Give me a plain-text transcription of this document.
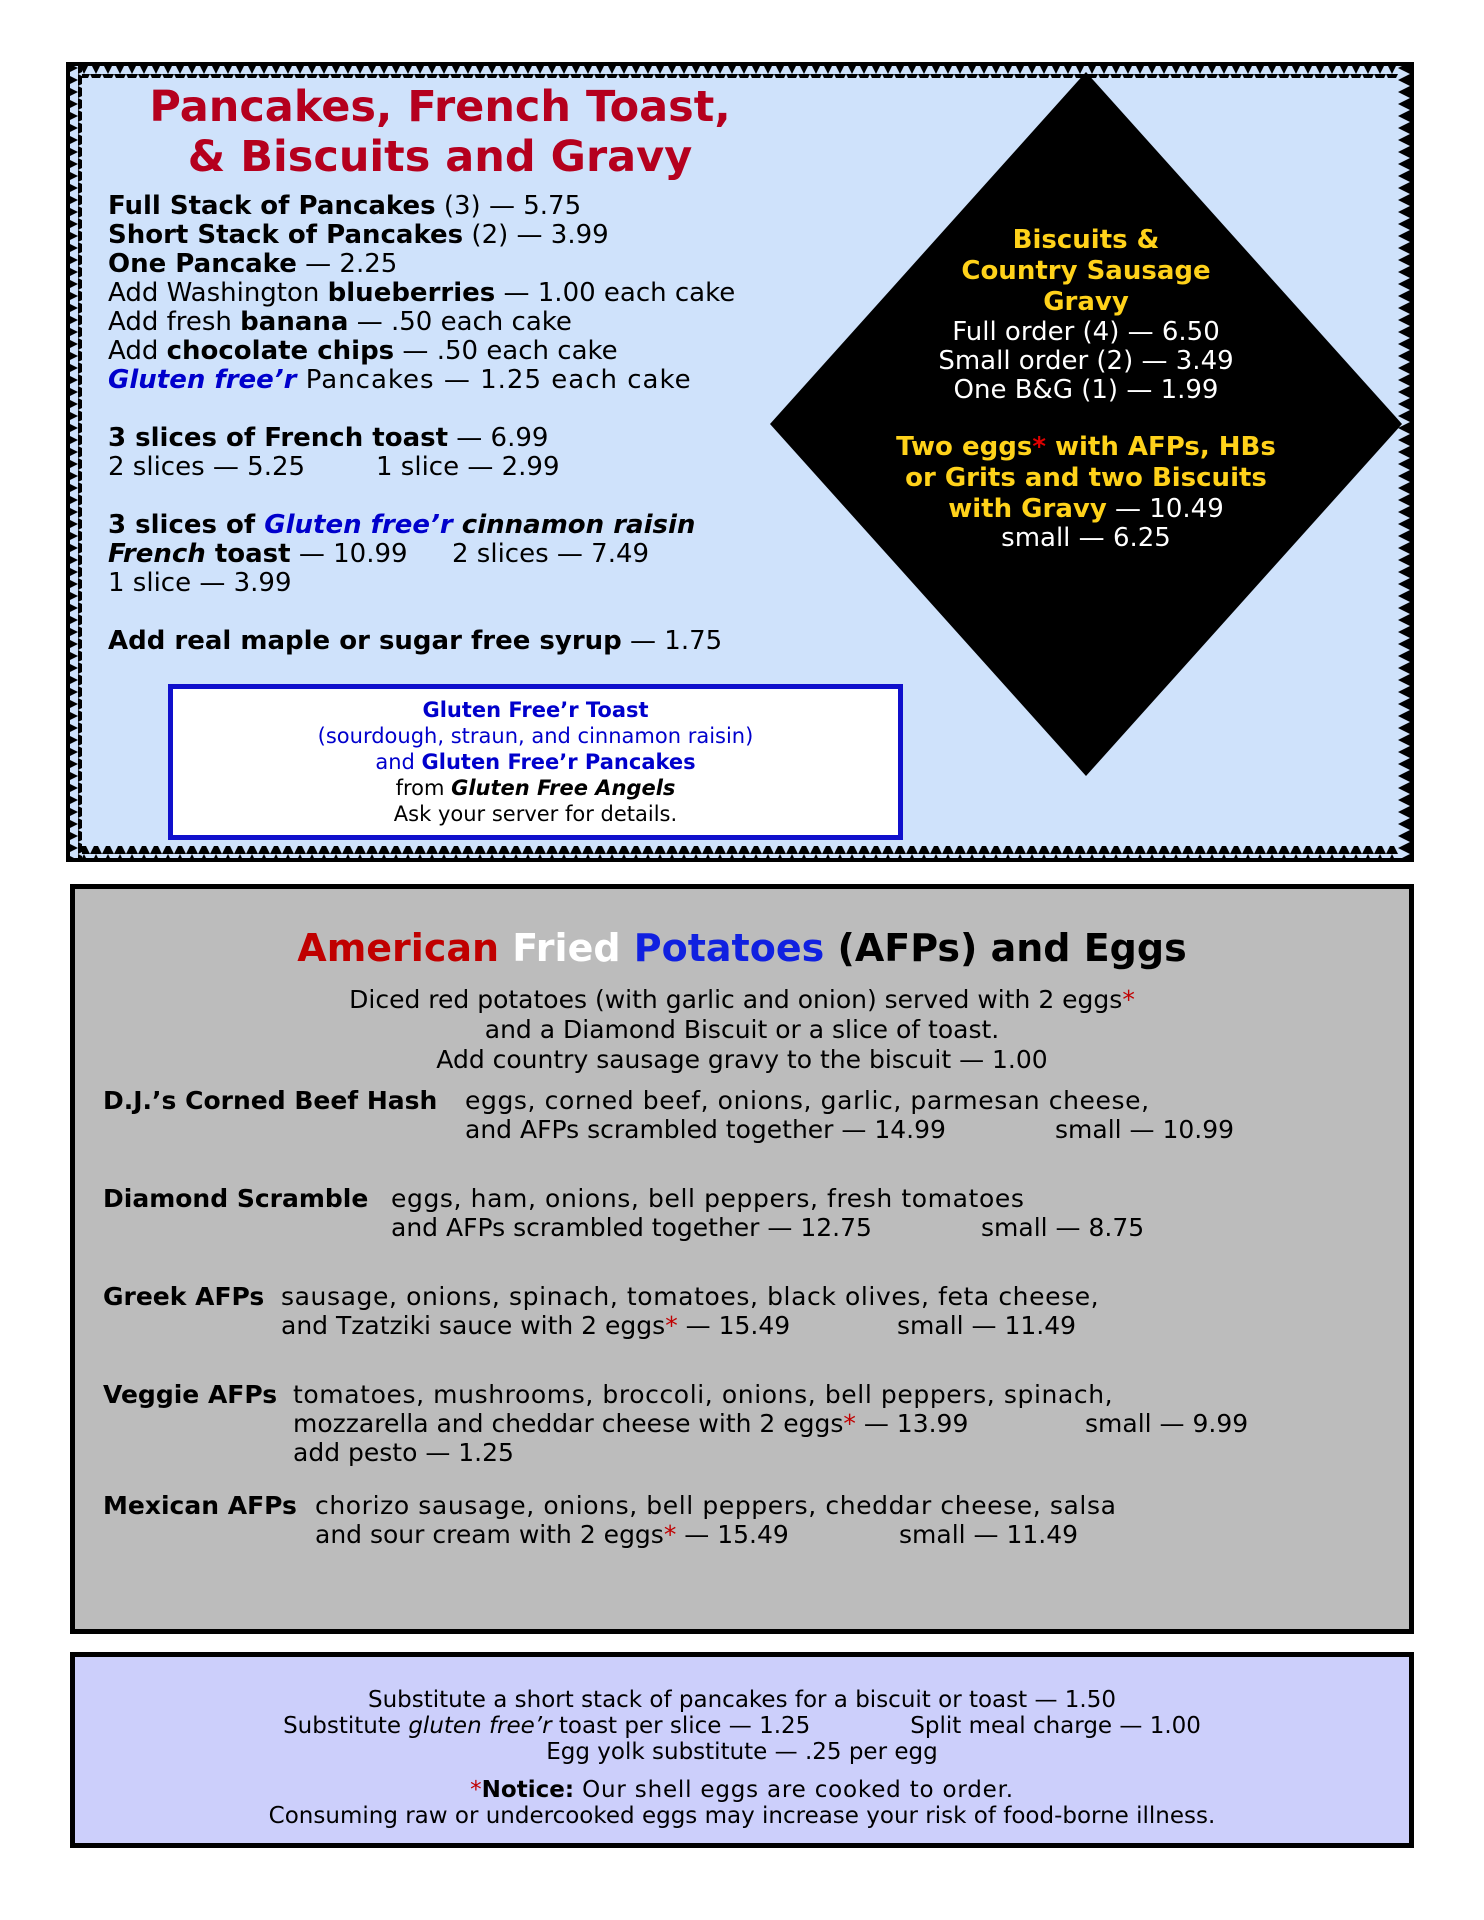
Pancakes, French Toast,
& Biscuits and Gravy
Full Stack of Pancakes (3) — 5.75
Short Stack of Pancakes (2) — 3.99
One Pancake — 2.25
Add Washington blueberries — 1.00 each cake
Add fresh banana — .50 each cake
Add chocolate chips — .50 each cake
Gluten free’r Pancakes — 1.25 each cake
3 slices of French toast — 6.99
2 slices — 5.25	1 slice — 2.99
3 slices of Gluten free’r cinnamon raisin
French toast — 10.99 2 slices — 7.49
1 slice — 3.99
Add real maple or sugar free syrup — 1.75
Biscuits &
Country Sausage
Gravy
Full order (4) — 6.50
Small order (2) — 3.49
One B&G (1) — 1.99
Two eggs* with AFPs, HBs
or Grits and two Biscuits
with Gravy — 10.49
small — 6.25
Gluten Free’r Toast
(sourdough, straun, and cinnamon raisin)
and Gluten Free’r Pancakes
from Gluten Free Angels
Ask your server for details.
American Fried Potatoes (AFPs) and Eggs
Diced red potatoes (with garlic and onion) served with 2 eggs*
and a Diamond Biscuit or a slice of toast.
Add country sausage gravy to the biscuit — 1.00
D.J.’s Corned Beef Hash eggs, corned beef, onions, garlic, parmesan cheese,
and AFPs scrambled together — 14.99	small — 10.99
Diamond Scramble eggs, ham, onions, bell peppers, fresh tomatoes
and AFPs scrambled together — 12.75	small — 8.75
Greek AFPs sausage, onions, spinach, tomatoes, black olives, feta cheese,
and Tzatziki sauce with 2 eggs* — 15.49	small — 11.49
Veggie AFPs tomatoes, mushrooms, broccoli, onions, bell peppers, spinach,
mozzarella and cheddar cheese with 2 eggs* — 13.99	small — 9.99
add pesto — 1.25
Mexican AFPs chorizo sausage, onions, bell peppers, cheddar cheese, salsa
and sour cream with 2 eggs* — 15.49	small — 11.49
Substitute a short stack of pancakes for a biscuit or toast — 1.50
Substitute gluten free’r toast per slice — 1.25	Split meal charge — 1.00
Egg yolk substitute — .25 per egg
*Notice: Our shell eggs are cooked to order.
Consuming raw or undercooked eggs may increase your risk of food-borne illness.
